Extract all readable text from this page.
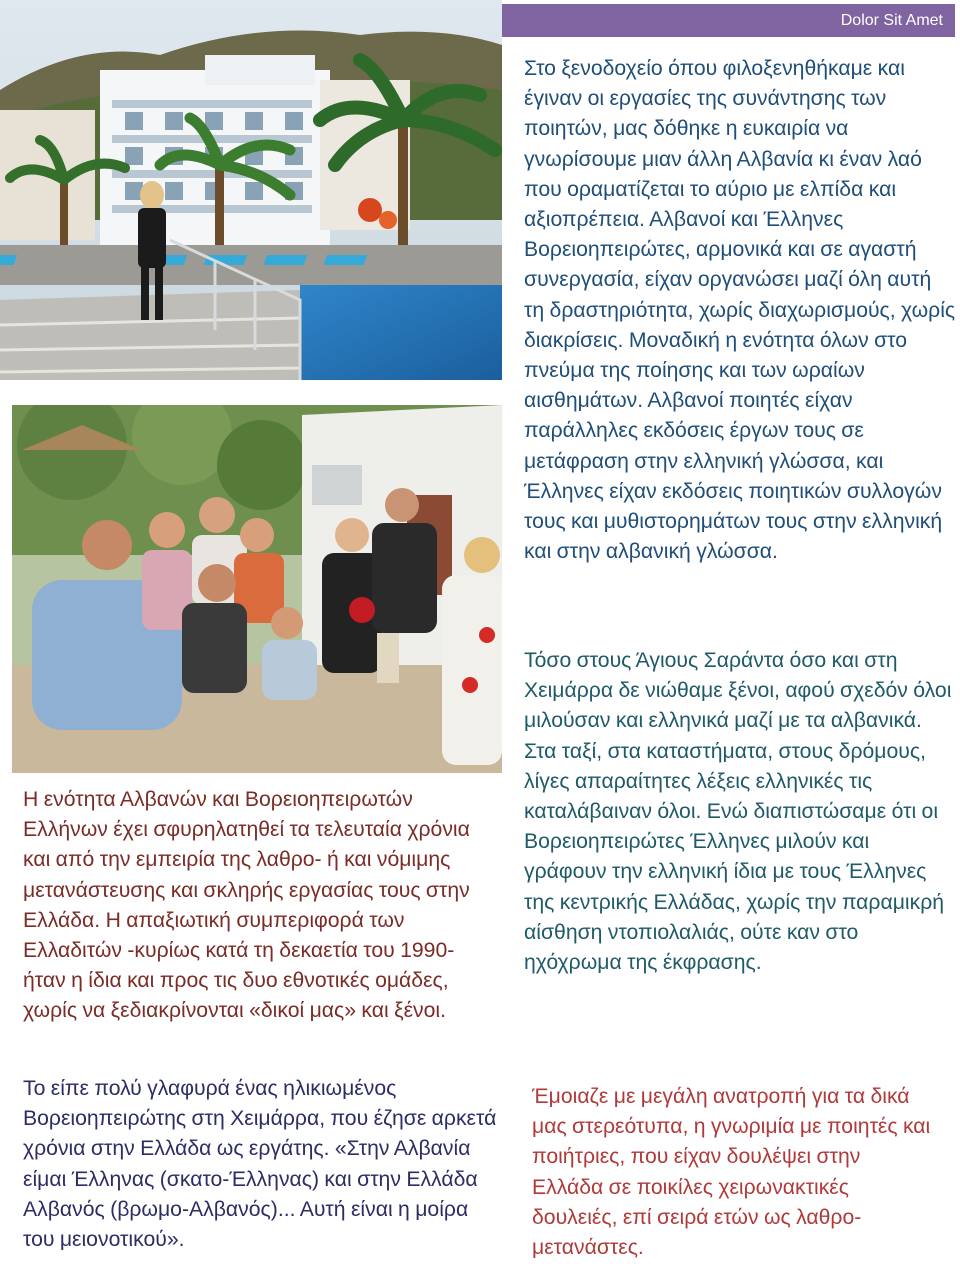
Dolor Sit Amet

Στο ξενοδοχείο όπου φιλοξενηθήκαμε και έγιναν οι εργασίες της συνάντησης των ποιητών, μας δόθηκε η ευκαιρία να γνωρίσουμε μιαν άλλη Αλβανία κι έναν λαό που οραματίζεται το αύριο με ελπίδα και αξιοπρέπεια. Αλβανοί και Έλληνες Βορειοηπειρώτες, αρμονικά και σε αγαστή συνεργασία, είχαν οργανώσει μαζί όλη αυτή τη δραστηριότητα, χωρίς διαχωρισμούς, χωρίς διακρίσεις. Μοναδική η ενότητα όλων στο πνεύμα της ποίησης και των ωραίων αισθημάτων. Αλβανοί ποιητές είχαν παράλληλες εκδόσεις έργων τους σε μετάφραση στην ελληνική γλώσσα, και Έλληνες είχαν εκδόσεις ποιητικών συλλογών τους και μυθιστορημάτων τους στην ελληνική και στην αλβανική γλώσσα.

Τόσο στους Άγιους Σαράντα όσο και στη Χειμάρρα δε νιώθαμε ξένοι, αφού σχεδόν όλοι μιλούσαν και ελληνικά μαζί με τα αλβανικά. Στα ταξί, στα καταστήματα, στους δρόμους, λίγες απαραίτητες λέξεις ελληνικές τις καταλάβαιναν όλοι. Ενώ διαπιστώσαμε ότι οι Βορειοηπειρώτες Έλληνες μιλούν και γράφουν την ελληνική ίδια με τους Έλληνες της κεντρικής Ελλάδας, χωρίς την παραμικρή αίσθηση ντοπιολαλιάς, ούτε καν στο ηχόχρωμα της έκφρασης.

Η ενότητα Αλβανών και Βορειοηπειρωτών Ελλήνων έχει σφυρηλατηθεί τα τελευταία χρόνια και από την εμπειρία της λαθρο- ή και νόμιμης μετανάστευσης και σκληρής εργασίας τους στην Ελλάδα. Η απαξιωτική συμπεριφορά των Ελλαδιτών -κυρίως κατά τη δεκαετία του 1990- ήταν η ίδια και προς τις δυο εθνοτικές ομάδες, χωρίς να ξεδιακρίνονται «δικοί μας» και ξένοι.

Το είπε πολύ γλαφυρά ένας ηλικιωμένος Βορειοηπειρώτης στη Χειμάρρα, που έζησε αρκετά χρόνια στην Ελλάδα ως εργάτης. «Στην Αλβανία είμαι Έλληνας (σκατο-Έλληνας) και στην Ελλάδα Αλβανός (βρωμο-Αλβανός)... Αυτή είναι η μοίρα του μειονοτικού».

Έμοιαζε με μεγάλη ανατροπή για τα δικά μας στερεότυπα, η γνωριμία με ποιητές και ποιήτριες, που είχαν δουλέψει στην Ελλάδα σε ποικίλες χειρωνακτικές δουλειές, επί σειρά ετών ως λαθρο-μετανάστες.
